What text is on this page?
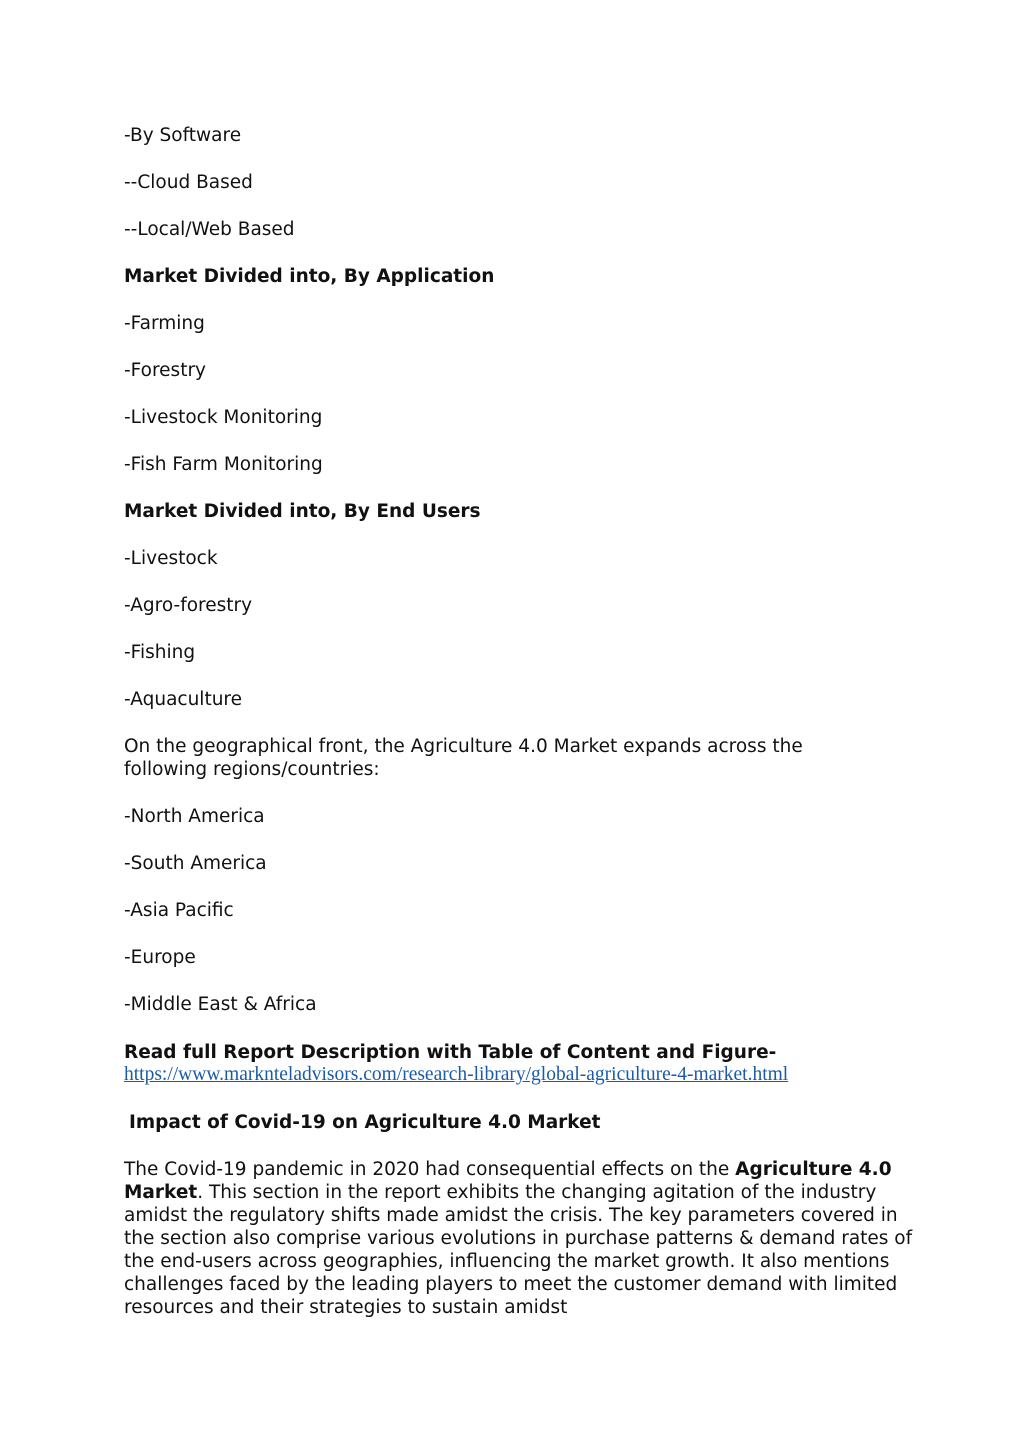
-By Software

--Cloud Based

--Local/Web Based

Market Divided into, By Application

-Farming

-Forestry

-Livestock Monitoring

-Fish Farm Monitoring

Market Divided into, By End Users

-Livestock

-Agro-forestry

-Fishing

-Aquaculture

On the geographical front, the Agriculture 4.0 Market expands across the

following regions/countries:

-North America

-South America

-Asia Pacific

-Europe

-Middle East & Africa

Read full Report Description with Table of Content and Figure-

https://www.marknteladvisors.com/research-library/global-agriculture-4-market.html

Impact of Covid-19 on Agriculture 4.0 Market

The Covid-19 pandemic in 2020 had consequential effects on the Agriculture 4.0 Market. This section in the report exhibits the changing agitation of the industry amidst the regulatory shifts made amidst the crisis. The key parameters covered in the section also comprise various evolutions in purchase patterns & demand rates of the end-users across geographies, influencing the market growth. It also mentions challenges faced by the leading players to meet the customer demand with limited resources and their strategies to sustain amidst
